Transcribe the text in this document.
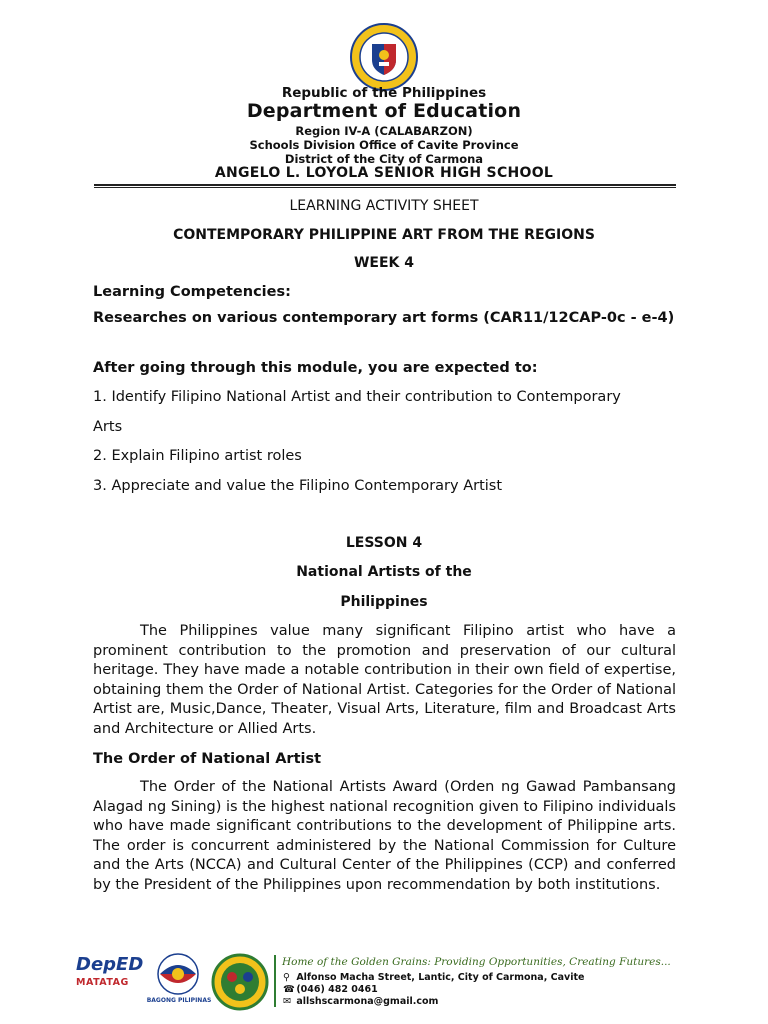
Republic of the Philippines
Department of Education
Region IV-A (CALABARZON)
Schools Division Office of Cavite Province
District of the City of Carmona
ANGELO L. LOYOLA SENIOR HIGH SCHOOL
LEARNING ACTIVITY SHEET
CONTEMPORARY PHILIPPINE ART FROM THE REGIONS
WEEK 4
Learning Competencies:
Researches on various contemporary art forms (CAR11/12CAP-0c - e-4)
After going through this module, you are expected to:
1. Identify Filipino National Artist and their contribution to Contemporary
Arts
2. Explain Filipino artist roles
3. Appreciate and value the Filipino Contemporary Artist
LESSON 4
National Artists of the
Philippines
The Philippines value many significant Filipino artist who have a prominent contribution to the promotion and preservation of our cultural heritage. They have made a notable contribution in their own field of expertise, obtaining them the Order of National Artist. Categories for the Order of National Artist are, Music,Dance, Theater, Visual Arts, Literature, film and Broadcast Arts and Architecture or Allied Arts.
The Order of National Artist
The Order of the National Artists Award (Orden ng Gawad Pambansang Alagad ng Sining) is the highest national recognition given to Filipino individuals who have made significant contributions to the development of Philippine arts. The order is concurrent administered by the National Commission for Culture and the Arts (NCCA) and Cultural Center of the Philippines (CCP) and conferred by the President of the Philippines upon recommendation by both institutions.
DepED
MATATAG
BAGONG PILIPINAS
Home of the Golden Grains: Providing Opportunities, Creating Futures...
⚲ Alfonso Macha Street, Lantic, City of Carmona, Cavite
☎ (046) 482 0461
✉ allshscarmona@gmail.com
